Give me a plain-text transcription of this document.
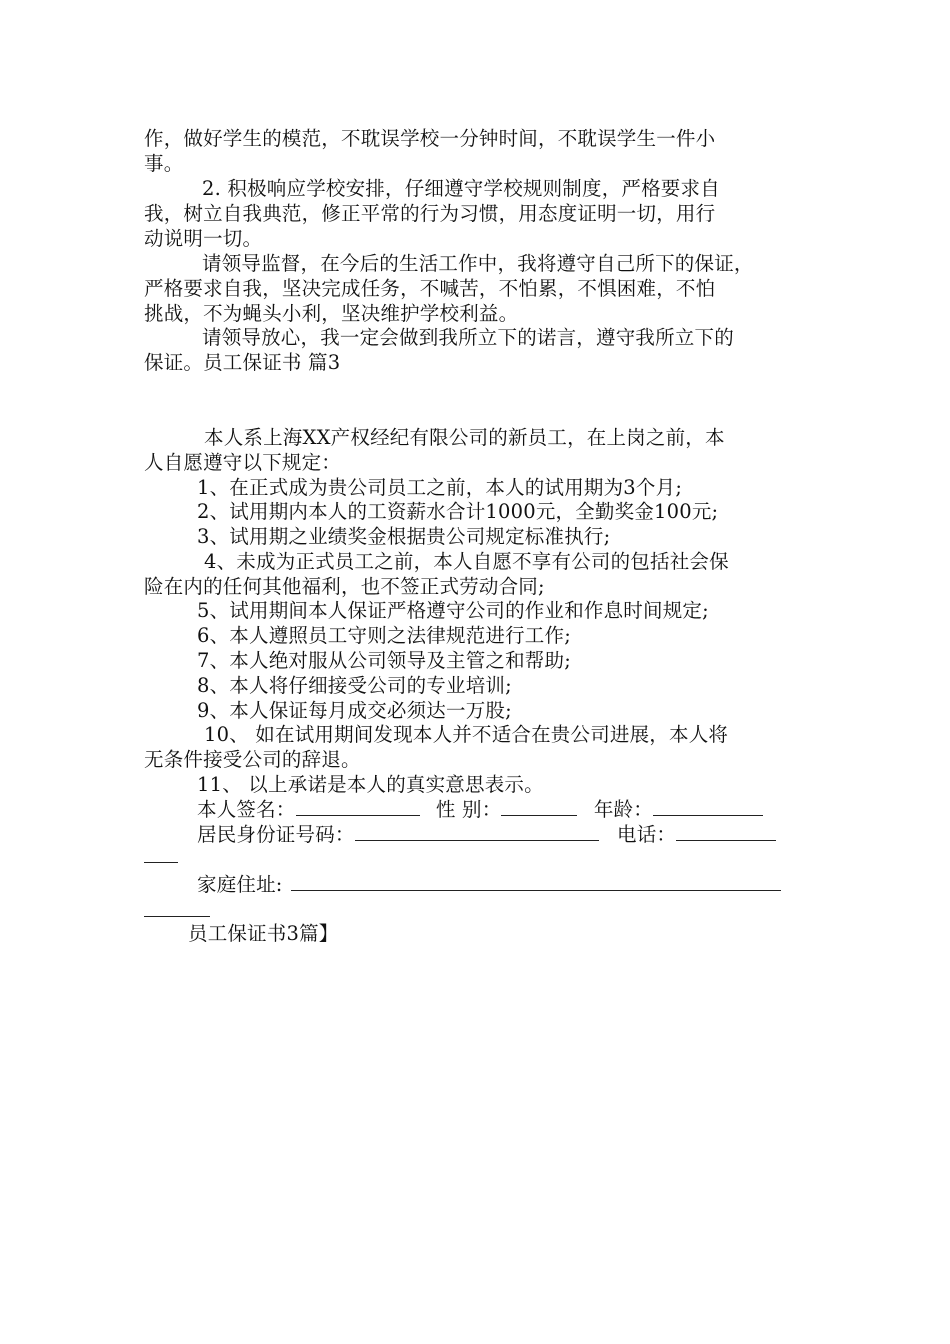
作，做好学生的模范，不耽误学校一分钟时间，不耽误学生一件小
事。
2. 积极响应学校安排，仔细遵守学校规则制度，严格要求自
我，树立自我典范，修正平常的行为习惯，用态度证明一切，用行
动说明一切。
请领导监督，在今后的生活工作中，我将遵守自己所下的保证，
严格要求自我，坚决完成任务，不喊苦，不怕累，不惧困难，不怕
挑战，不为蝇头小利，坚决维护学校利益。
请领导放心，我一定会做到我所立下的诺言，遵守我所立下的
保证。员工保证书 篇3
本人系上海XX产权经纪有限公司的新员工，在上岗之前，本
人自愿遵守以下规定：
1、在正式成为贵公司员工之前，本人的试用期为3个月;
2、试用期内本人的工资薪水合计1000元，全勤奖金100元;
3、试用期之业绩奖金根据贵公司规定标准执行;
4、未成为正式员工之前，本人自愿不享有公司的包括社会保
险在内的任何其他福利，也不签正式劳动合同;
5、试用期间本人保证严格遵守公司的作业和作息时间规定;
6、本人遵照员工守则之法律规范进行工作;
7、本人绝对服从公司领导及主管之和帮助;
8、本人将仔细接受公司的专业培训;
9、本人保证每月成交必须达一万股;
10、 如在试用期间发现本人并不适合在贵公司进展，本人将
无条件接受公司的辞退。
11、 以上承诺是本人的真实意思表示。
本人签名：	性 别：	年龄：
居民身份证号码：	电话：
家庭住址:
员工保证书3篇】
